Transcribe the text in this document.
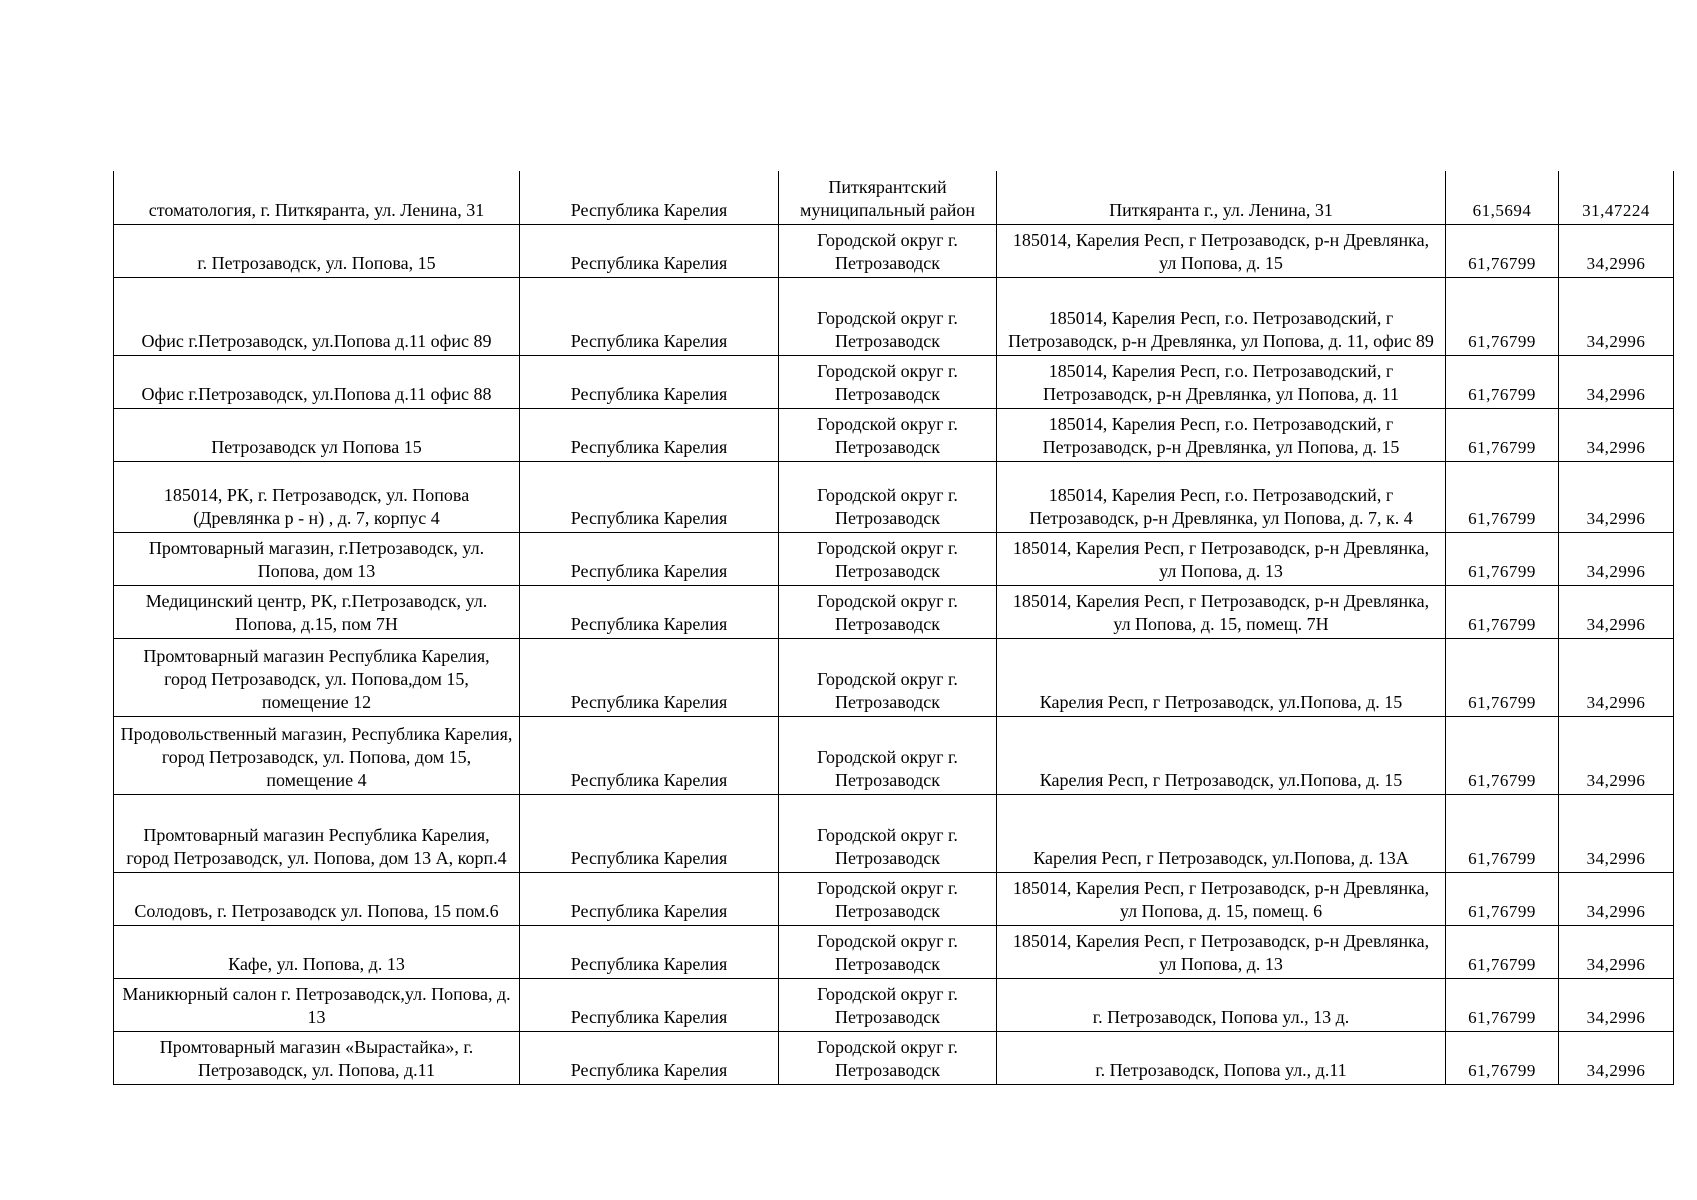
стоматология, г. Питкяранта, ул. Ленина, 31	Республика Карелия	Питкярантский муниципальный район	Питкяранта г., ул. Ленина, 31	61,5694	31,47224
г. Петрозаводск, ул. Попова, 15	Республика Карелия	Городской округ г. Петрозаводск	185014, Карелия Респ, г Петрозаводск, р-н Древлянка, ул Попова, д. 15	61,76799	34,2996
Офис г.Петрозаводск, ул.Попова д.11 офис 89	Республика Карелия	Городской округ г. Петрозаводск	185014, Карелия Респ, г.о. Петрозаводский, г Петрозаводск, р-н Древлянка, ул Попова, д. 11, офис 89	61,76799	34,2996
Офис г.Петрозаводск, ул.Попова д.11 офис 88	Республика Карелия	Городской округ г. Петрозаводск	185014, Карелия Респ, г.о. Петрозаводский, г Петрозаводск, р-н Древлянка, ул Попова, д. 11	61,76799	34,2996
Петрозаводск ул Попова 15	Республика Карелия	Городской округ г. Петрозаводск	185014, Карелия Респ, г.о. Петрозаводский, г Петрозаводск, р-н Древлянка, ул Попова, д. 15	61,76799	34,2996
185014, РК, г. Петрозаводск, ул. Попова (Древлянка р - н) , д. 7, корпус 4	Республика Карелия	Городской округ г. Петрозаводск	185014, Карелия Респ, г.о. Петрозаводский, г Петрозаводск, р-н Древлянка, ул Попова, д. 7, к. 4	61,76799	34,2996
Промтоварный магазин, г.Петрозаводск, ул. Попова, дом 13	Республика Карелия	Городской округ г. Петрозаводск	185014, Карелия Респ, г Петрозаводск, р-н Древлянка, ул Попова, д. 13	61,76799	34,2996
Медицинский центр, РК, г.Петрозаводск, ул. Попова, д.15, пом 7Н	Республика Карелия	Городской округ г. Петрозаводск	185014, Карелия Респ, г Петрозаводск, р-н Древлянка, ул Попова, д. 15, помещ. 7Н	61,76799	34,2996
Промтоварный магазин Республика Карелия, город Петрозаводск, ул. Попова,дом 15, помещение 12	Республика Карелия	Городской округ г. Петрозаводск	Карелия Респ, г Петрозаводск, ул.Попова, д. 15	61,76799	34,2996
Продовольственный магазин, Республика Карелия, город Петрозаводск, ул. Попова, дом 15, помещение 4	Республика Карелия	Городской округ г. Петрозаводск	Карелия Респ, г Петрозаводск, ул.Попова, д. 15	61,76799	34,2996
Промтоварный магазин Республика Карелия, город Петрозаводск, ул. Попова, дом 13 А, корп.4	Республика Карелия	Городской округ г. Петрозаводск	Карелия Респ, г Петрозаводск, ул.Попова, д. 13А	61,76799	34,2996
Солодовъ, г. Петрозаводск ул. Попова, 15 пом.6	Республика Карелия	Городской округ г. Петрозаводск	185014, Карелия Респ, г Петрозаводск, р-н Древлянка, ул Попова, д. 15, помещ. 6	61,76799	34,2996
Кафе, ул. Попова, д. 13	Республика Карелия	Городской округ г. Петрозаводск	185014, Карелия Респ, г Петрозаводск, р-н Древлянка, ул Попова, д. 13	61,76799	34,2996
Маникюрный салон г. Петрозаводск,ул. Попова, д. 13	Республика Карелия	Городской округ г. Петрозаводск	г. Петрозаводск, Попова ул., 13 д.	61,76799	34,2996
Промтоварный магазин «Вырастайка», г. Петрозаводск, ул. Попова, д.11	Республика Карелия	Городской округ г. Петрозаводск	г. Петрозаводск, Попова ул., д.11	61,76799	34,2996
